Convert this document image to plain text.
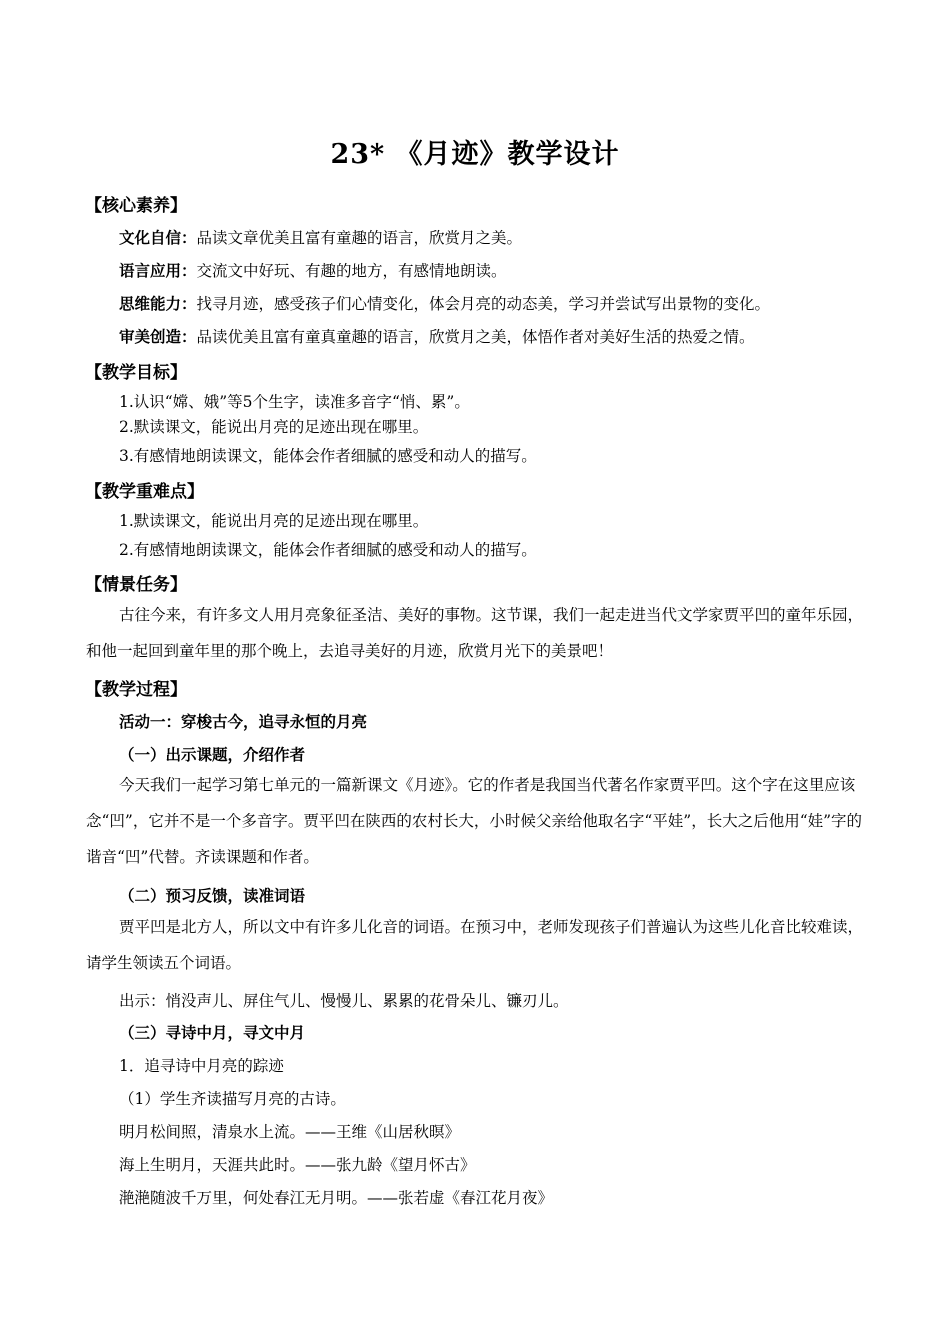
23* 《月迹》教学设计
【核心素养】
文化自信：品读文章优美且富有童趣的语言，欣赏月之美。
语言应用：交流文中好玩、有趣的地方，有感情地朗读。
思维能力：找寻月迹，感受孩子们心情变化，体会月亮的动态美，学习并尝试写出景物的变化。
审美创造：品读优美且富有童真童趣的语言，欣赏月之美，体悟作者对美好生活的热爱之情。
【教学目标】
1.认识“嫦、娥”等5个生字，读准多音字“悄、累”。
2.默读课文，能说出月亮的足迹出现在哪里。
3.有感情地朗读课文，能体会作者细腻的感受和动人的描写。
【教学重难点】
1.默读课文，能说出月亮的足迹出现在哪里。
2.有感情地朗读课文，能体会作者细腻的感受和动人的描写。
【情景任务】
古往今来，有许多文人用月亮象征圣洁、美好的事物。这节课，我们一起走进当代文学家贾平凹的童年乐园，和他一起回到童年里的那个晚上，去追寻美好的月迹，欣赏月光下的美景吧！
【教学过程】
活动一：穿梭古今，追寻永恒的月亮
（一）出示课题，介绍作者
今天我们一起学习第七单元的一篇新课文《月迹》。它的作者是我国当代著名作家贾平凹。这个字在这里应该念“凹”，它并不是一个多音字。贾平凹在陕西的农村长大，小时候父亲给他取名字“平娃”，长大之后他用“娃”字的谐音“凹”代替。齐读课题和作者。
（二）预习反馈，读准词语
贾平凹是北方人，所以文中有许多儿化音的词语。在预习中，老师发现孩子们普遍认为这些儿化音比较难读，请学生领读五个词语。
出示：悄没声儿、屏住气儿、慢慢儿、累累的花骨朵儿、镰刃儿。
（三）寻诗中月，寻文中月
1．追寻诗中月亮的踪迹
（1）学生齐读描写月亮的古诗。
明月松间照，清泉水上流。——王维《山居秋暝》
海上生明月，天涯共此时。——张九龄《望月怀古》
滟滟随波千万里，何处春江无月明。——张若虚《春江花月夜》
